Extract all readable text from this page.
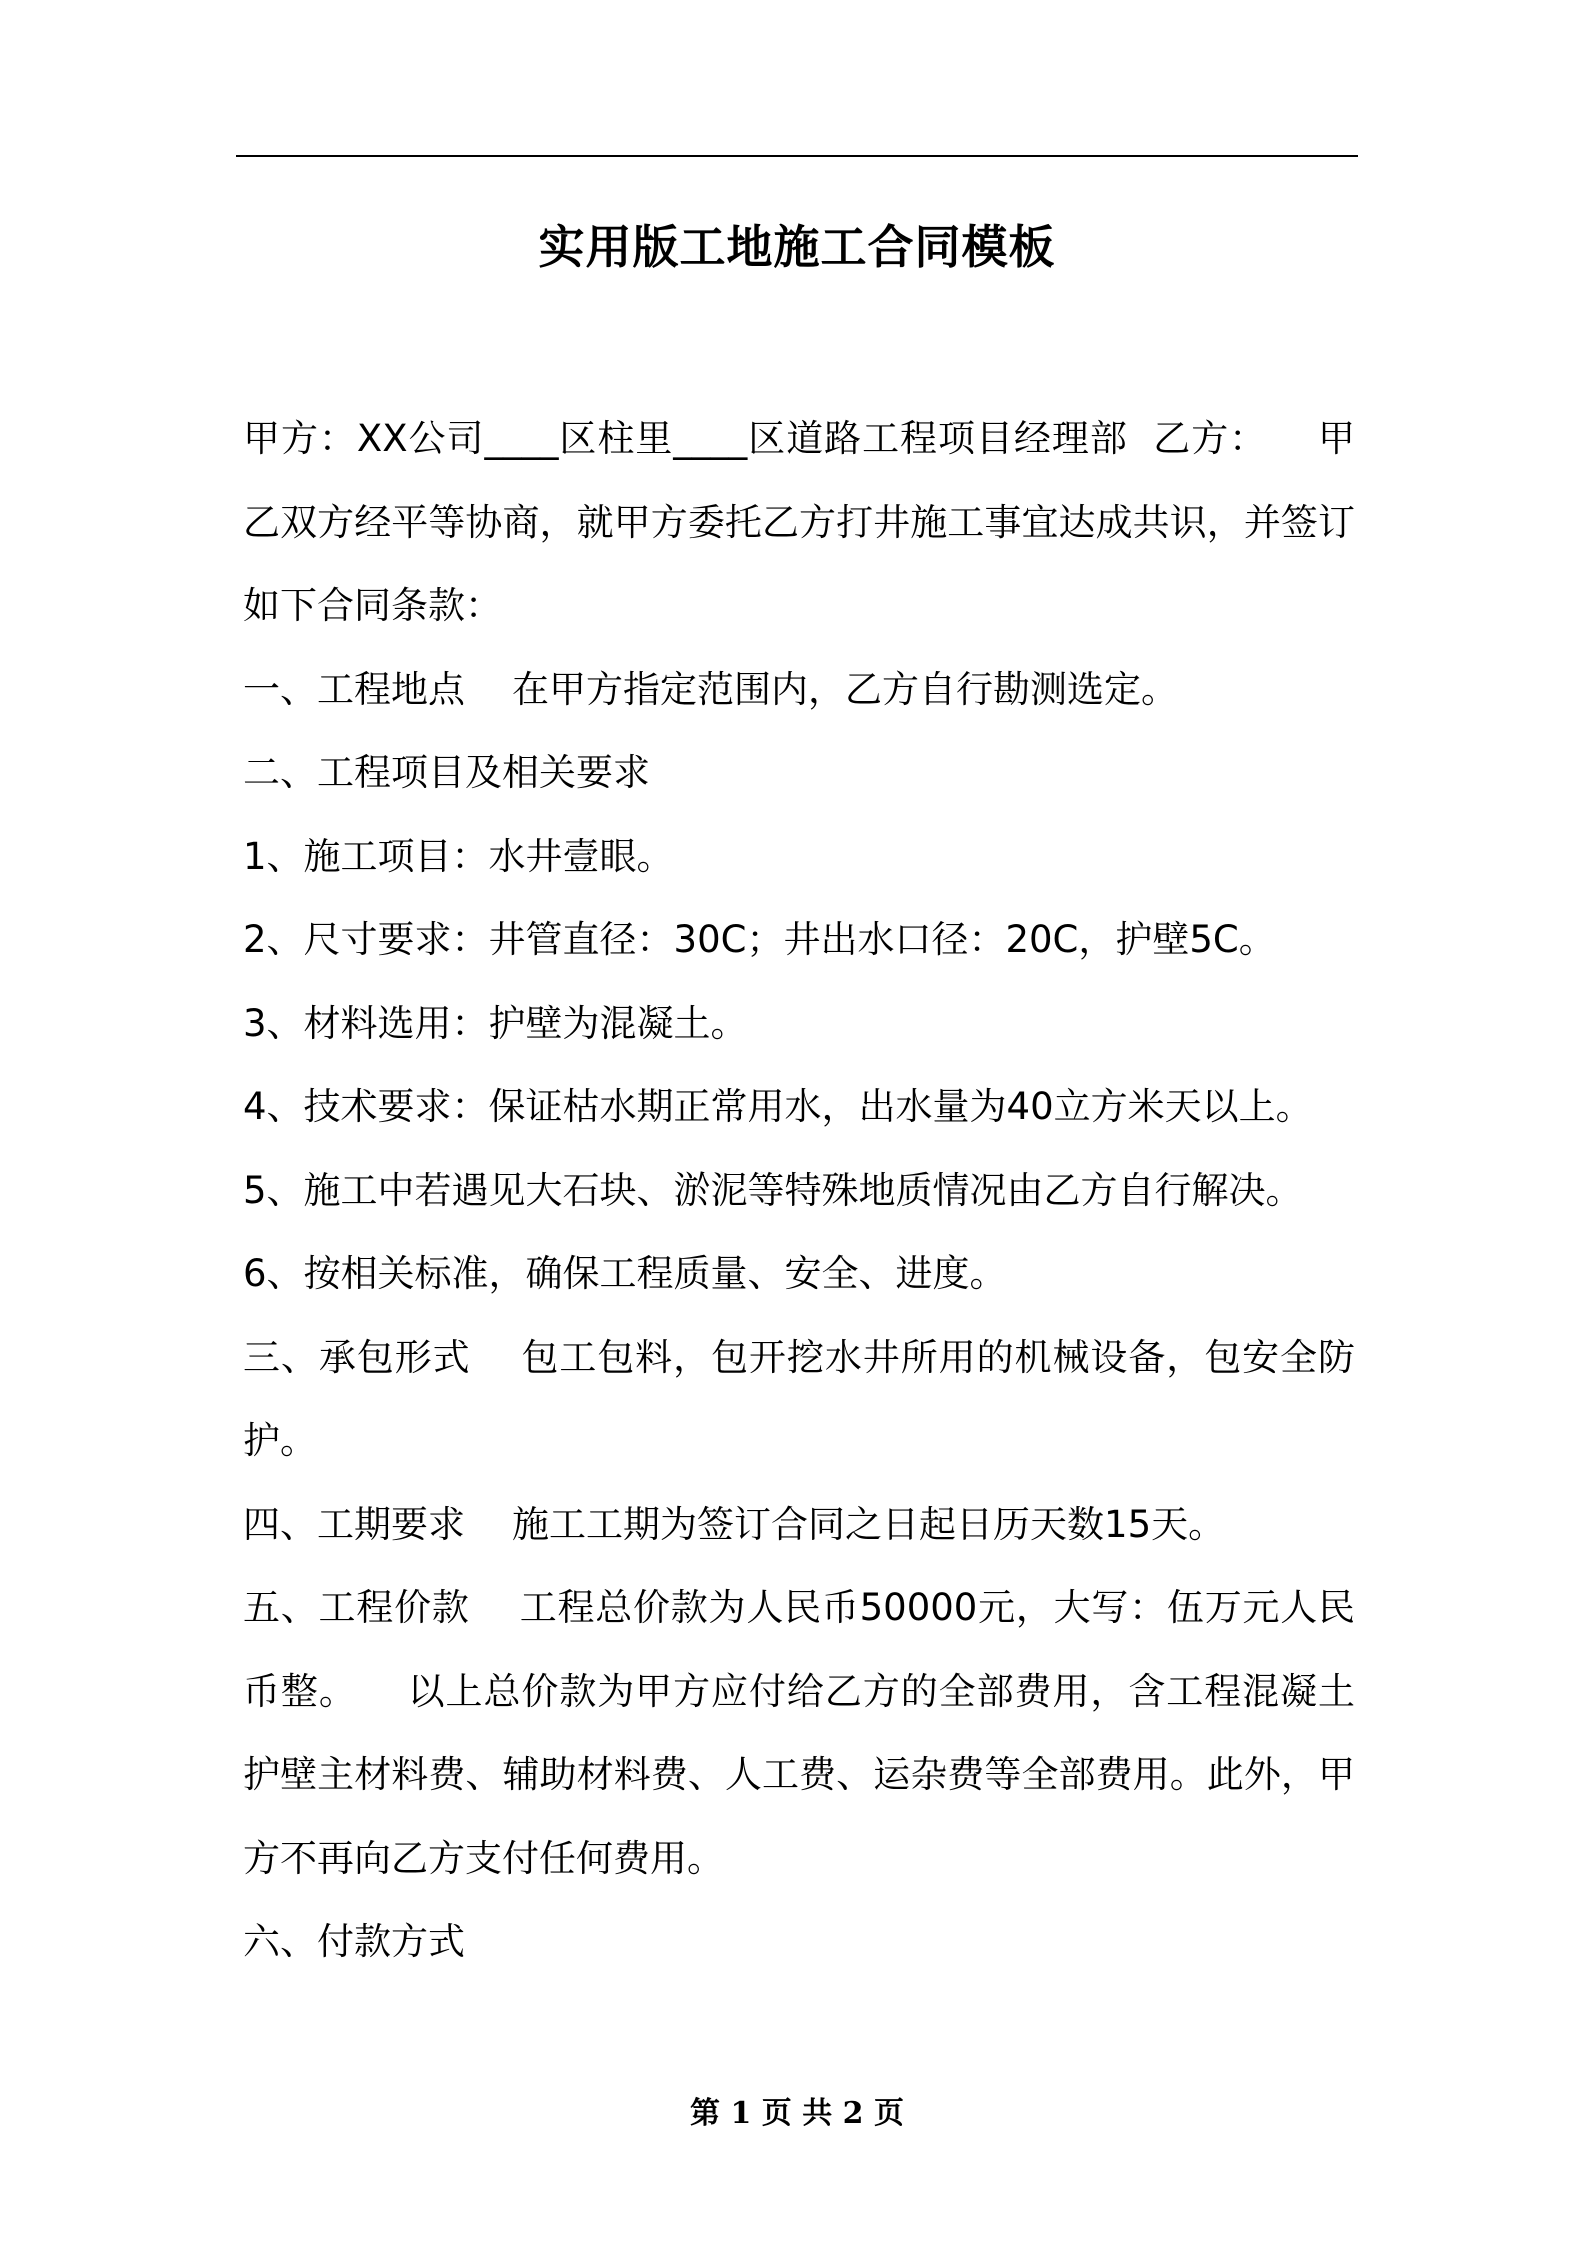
实用版工地施工合同模板

甲方：XX公司____区柱里____区道路工程项目经理部  乙方：    甲乙双方经平等协商，就甲方委托乙方打井施工事宜达成共识，并签订如下合同条款：

一、工程地点    在甲方指定范围内，乙方自行勘测选定。

二、工程项目及相关要求

1、施工项目：水井壹眼。

2、尺寸要求：井管直径：30C；井出水口径：20C，护壁5C。

3、材料选用：护壁为混凝土。

4、技术要求：保证枯水期正常用水，出水量为40立方米天以上。

5、施工中若遇见大石块、淤泥等特殊地质情况由乙方自行解决。

6、按相关标准，确保工程质量、安全、进度。

三、承包形式    包工包料，包开挖水井所用的机械设备，包安全防护。

四、工期要求    施工工期为签订合同之日起日历天数15天。

五、工程价款    工程总价款为人民币50000元，大写：伍万元人民币整。    以上总价款为甲方应付给乙方的全部费用，含工程混凝土护壁主材料费、辅助材料费、人工费、运杂费等全部费用。此外，甲方不再向乙方支付任何费用。

六、付款方式

第 1 页 共 2 页
